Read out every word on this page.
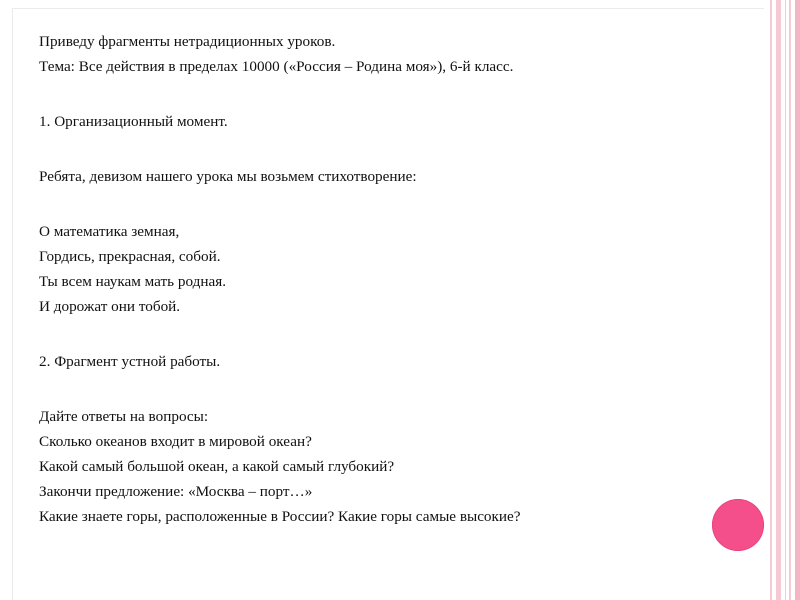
Приведу фрагменты нетрадиционных уроков.
Тема: Все действия в пределах 10000 («Россия – Родина моя»), 6-й класс.
1. Организационный момент.
Ребята, девизом нашего урока мы возьмем стихотворение:
О математика земная,
Гордись, прекрасная, собой.
Ты всем наукам мать родная.
И дорожат они тобой.
2. Фрагмент устной работы.
Дайте ответы на вопросы:
Сколько океанов входит в мировой океан?
Какой самый большой океан, а какой самый глубокий?
Закончи предложение: «Москва – порт…»
Какие знаете горы, расположенные в России? Какие горы самые высокие?
